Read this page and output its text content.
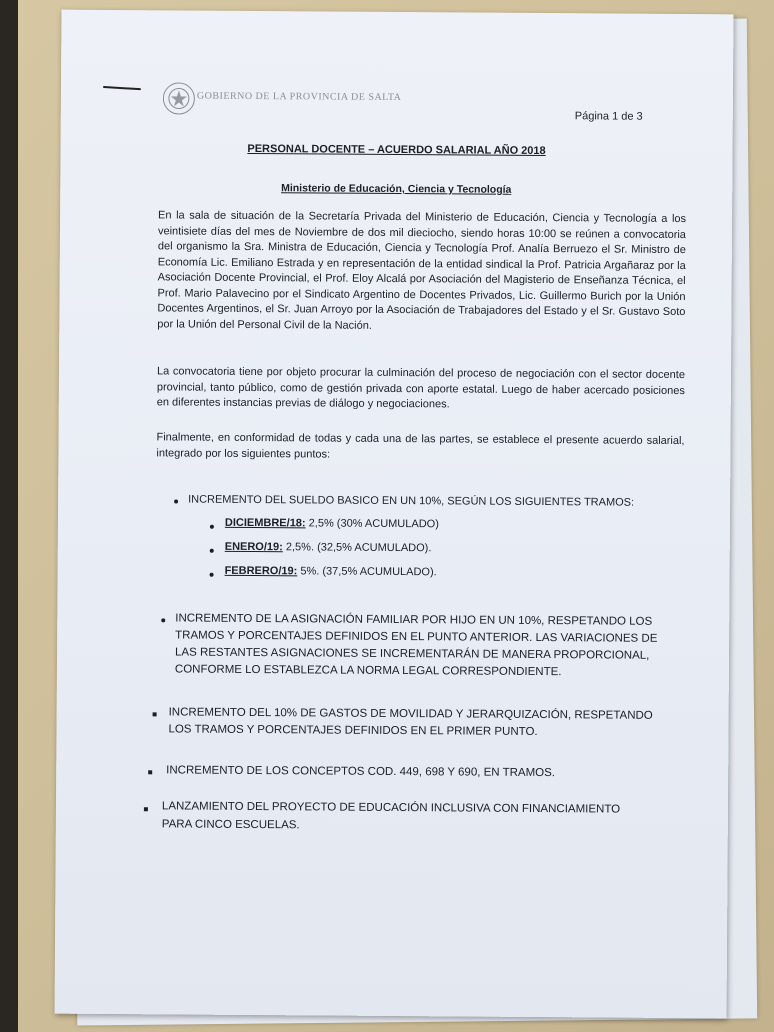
GOBIERNO DE LA PROVINCIA DE SALTA
Página 1 de 3
PERSONAL DOCENTE – ACUERDO SALARIAL AÑO 2018
Ministerio de Educación, Ciencia y Tecnología
En la sala de situación de la Secretaría Privada del Ministerio de Educación, Ciencia y Tecnología a los veintisiete días del mes de Noviembre de dos mil dieciocho, siendo horas 10:00 se reúnen a convocatoria del organismo la Sra. Ministra de Educación, Ciencia y Tecnología Prof. Analía Berruezo el Sr. Ministro de Economía Lic. Emiliano Estrada y en representación de la entidad sindical la Prof. Patricia Argañaraz por la Asociación Docente Provincial, el Prof. Eloy Alcalá por Asociación del Magisterio de Enseñanza Técnica, el Prof. Mario Palavecino por el Sindicato Argentino de Docentes Privados, Lic. Guillermo Burich por la Unión Docentes Argentinos, el Sr. Juan Arroyo por la Asociación de Trabajadores del Estado y el Sr. Gustavo Soto por la Unión del Personal Civil de la Nación.
La convocatoria tiene por objeto procurar la culminación del proceso de negociación con el sector docente provincial, tanto público, como de gestión privada con aporte estatal. Luego de haber acercado posiciones en diferentes instancias previas de diálogo y negociaciones.
Finalmente, en conformidad de todas y cada una de las partes, se establece el presente acuerdo salarial, integrado por los siguientes puntos:
INCREMENTO DEL SUELDO BASICO EN UN 10%, SEGÚN LOS SIGUIENTES TRAMOS:
DICIEMBRE/18: 2,5% (30% ACUMULADO)
ENERO/19: 2,5%. (32,5% ACUMULADO).
FEBRERO/19: 5%. (37,5% ACUMULADO).
INCREMENTO DE LA ASIGNACIÓN FAMILIAR POR HIJO EN UN 10%, RESPETANDO LOS
TRAMOS Y PORCENTAJES DEFINIDOS EN EL PUNTO ANTERIOR. LAS VARIACIONES DE
LAS RESTANTES ASIGNACIONES SE INCREMENTARÁN DE MANERA PROPORCIONAL,
CONFORME LO ESTABLEZCA LA NORMA LEGAL CORRESPONDIENTE.
INCREMENTO DEL 10% DE GASTOS DE MOVILIDAD Y JERARQUIZACIÓN, RESPETANDO
LOS TRAMOS Y PORCENTAJES DEFINIDOS EN EL PRIMER PUNTO.
INCREMENTO DE LOS CONCEPTOS COD. 449, 698 Y 690, EN TRAMOS.
LANZAMIENTO DEL PROYECTO DE EDUCACIÓN INCLUSIVA CON FINANCIAMIENTO
PARA CINCO ESCUELAS.
